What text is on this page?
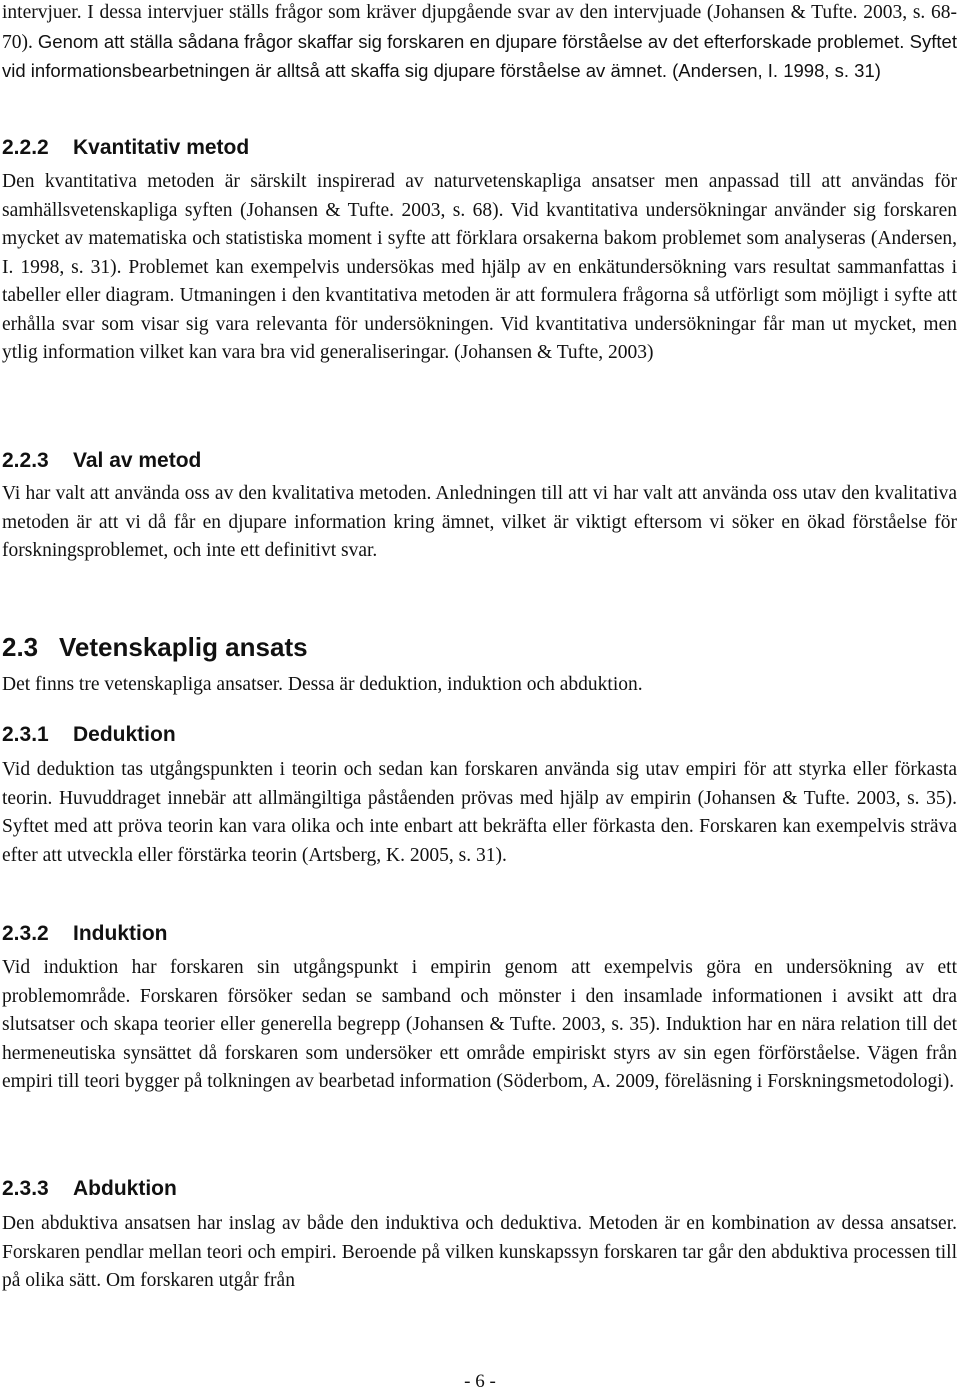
intervjuer. I dessa intervjuer ställs frågor som kräver djupgående svar av den intervjuade (Johansen & Tufte. 2003, s. 68-70). Genom att ställa sådana frågor skaffar sig forskaren en djupare förståelse av det efterforskade problemet. Syftet vid informationsbearbetningen är alltså att skaffa sig djupare förståelse av ämnet. (Andersen, I. 1998, s. 31)

2.2.2 Kvantitativ metod

Den kvantitativa metoden är särskilt inspirerad av naturvetenskapliga ansatser men anpassad till att användas för samhällsvetenskapliga syften (Johansen & Tufte. 2003, s. 68). Vid kvantitativa undersökningar använder sig forskaren mycket av matematiska och statistiska moment i syfte att förklara orsakerna bakom problemet som analyseras (Andersen, I. 1998, s. 31). Problemet kan exempelvis undersökas med hjälp av en enkätundersökning vars resultat sammanfattas i tabeller eller diagram. Utmaningen i den kvantitativa metoden är att formulera frågorna så utförligt som möjligt i syfte att erhålla svar som visar sig vara relevanta för undersökningen. Vid kvantitativa undersökningar får man ut mycket, men ytlig information vilket kan vara bra vid generaliseringar. (Johansen & Tufte, 2003)

2.2.3 Val av metod

Vi har valt att använda oss av den kvalitativa metoden. Anledningen till att vi har valt att använda oss utav den kvalitativa metoden är att vi då får en djupare information kring ämnet, vilket är viktigt eftersom vi söker en ökad förståelse för forskningsproblemet, och inte ett definitivt svar.

2.3 Vetenskaplig ansats

Det finns tre vetenskapliga ansatser. Dessa är deduktion, induktion och abduktion.

2.3.1 Deduktion

Vid deduktion tas utgångspunkten i teorin och sedan kan forskaren använda sig utav empiri för att styrka eller förkasta teorin. Huvuddraget innebär att allmängiltiga påståenden prövas med hjälp av empirin (Johansen & Tufte. 2003, s. 35). Syftet med att pröva teorin kan vara olika och inte enbart att bekräfta eller förkasta den. Forskaren kan exempelvis sträva efter att utveckla eller förstärka teorin (Artsberg, K. 2005, s. 31).

2.3.2 Induktion

Vid induktion har forskaren sin utgångspunkt i empirin genom att exempelvis göra en undersökning av ett problemområde. Forskaren försöker sedan se samband och mönster i den insamlade informationen i avsikt att dra slutsatser och skapa teorier eller generella begrepp (Johansen & Tufte. 2003, s. 35). Induktion har en nära relation till det hermeneutiska synsättet då forskaren som undersöker ett område empiriskt styrs av sin egen förförståelse. Vägen från empiri till teori bygger på tolkningen av bearbetad information (Söderbom, A. 2009, föreläsning i Forskningsmetodologi).

2.3.3 Abduktion

Den abduktiva ansatsen har inslag av både den induktiva och deduktiva. Metoden är en kombination av dessa ansatser. Forskaren pendlar mellan teori och empiri. Beroende på vilken kunskapssyn forskaren tar går den abduktiva processen till på olika sätt. Om forskaren utgår från

- 6 -
